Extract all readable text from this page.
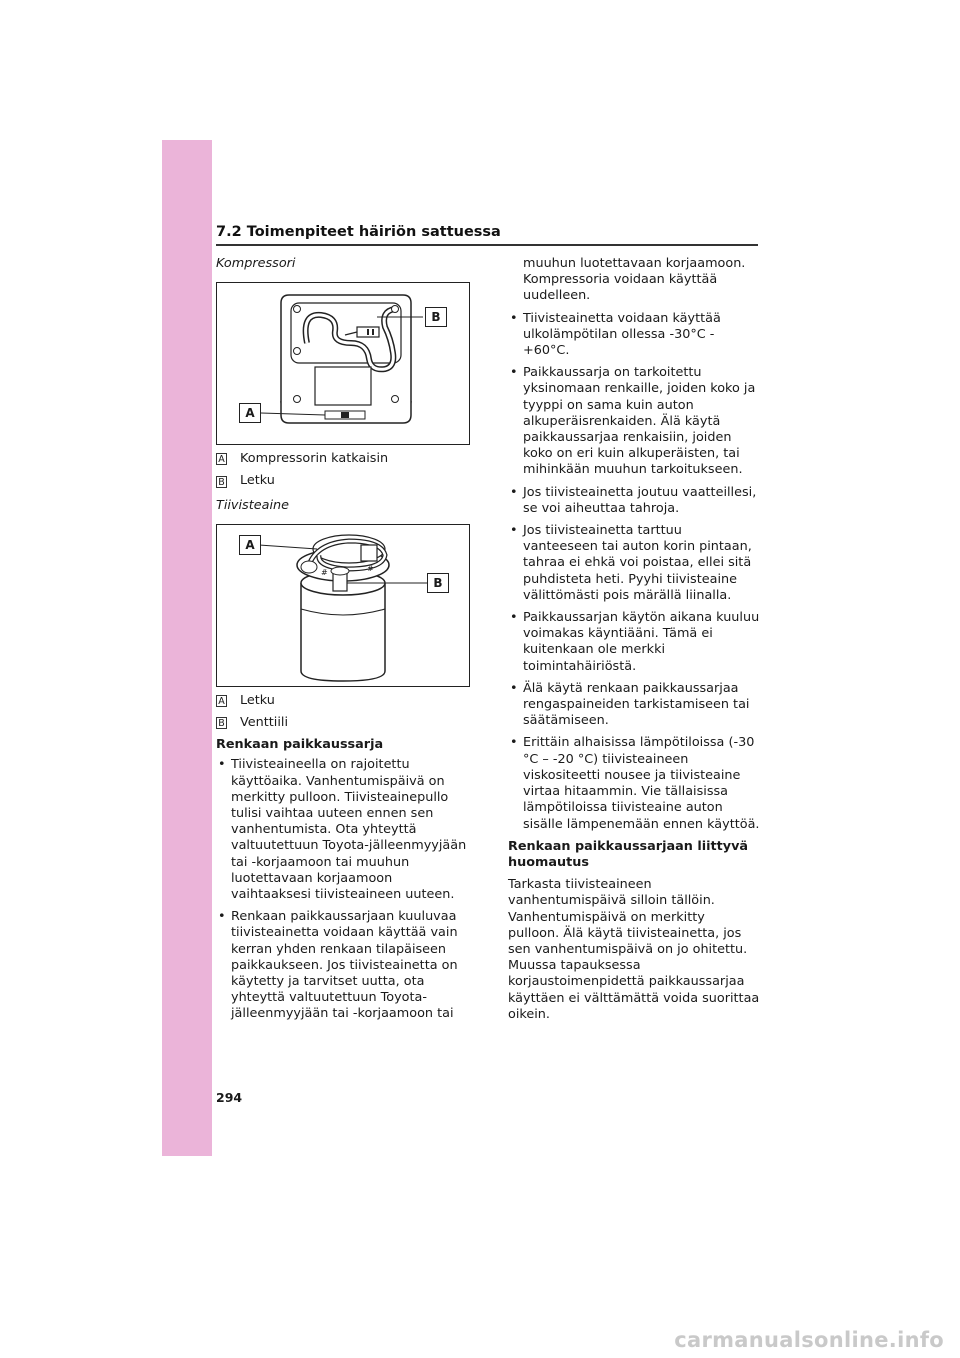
7.2 Toimenpiteet häiriön sattuessa
Kompressori
A
B
A Kompressorin katkaisin
B Letku
Tiivisteaine
#
#
A
B
A Letku
B Venttiili
Renkaan paikkaussarja
• Tiivisteaineella on rajoitettu käyttöaika. Vanhentumispäivä on merkitty pulloon. Tiivisteainepullo tulisi vaihtaa uuteen ennen sen vanhentumista. Ota yhteyttä valtuutettuun Toyota-jälleenmyyjään tai -korjaamoon tai muuhun luotettavaan korjaamoon vaihtaaksesi tiivisteaineen uuteen.
• Renkaan paikkaussarjaan kuuluvaa tiivisteainetta voidaan käyttää vain kerran yhden renkaan tilapäiseen paikkaukseen. Jos tiivisteainetta on käytetty ja tarvitset uutta, ota yhteyttä valtuutettuun Toyota-jälleenmyyjään tai -korjaamoon tai
muuhun luotettavaan korjaamoon. Kompressoria voidaan käyttää uudelleen.
• Tiivisteainetta voidaan käyttää ulkolämpötilan ollessa -30°C - +60°C.
• Paikkaussarja on tarkoitettu yksinomaan renkaille, joiden koko ja tyyppi on sama kuin auton alkuperäisrenkaiden. Älä käytä paikkaussarjaa renkaisiin, joiden koko on eri kuin alkuperäisten, tai mihinkään muuhun tarkoitukseen.
• Jos tiivisteainetta joutuu vaatteillesi, se voi aiheuttaa tahroja.
• Jos tiivisteainetta tarttuu vanteeseen tai auton korin pintaan, tahraa ei ehkä voi poistaa, ellei sitä puhdisteta heti. Pyyhi tiivisteaine välittömästi pois märällä liinalla.
• Paikkaussarjan käytön aikana kuuluu voimakas käyntiääni. Tämä ei kuitenkaan ole merkki toimintahäiriöstä.
• Älä käytä renkaan paikkaussarjaa rengaspaineiden tarkistamiseen tai säätämiseen.
• Erittäin alhaisissa lämpötiloissa (-30 °C – -20 °C) tiivisteaineen viskositeetti nousee ja tiivisteaine virtaa hitaammin. Vie tällaisissa lämpötiloissa tiivisteaine auton sisälle lämpenemään ennen käyttöä.
Renkaan paikkaussarjaan liittyvä huomautus
Tarkasta tiivisteaineen vanhentumispäivä silloin tällöin. Vanhentumispäivä on merkitty pulloon. Älä käytä tiivisteainetta, jos sen vanhentumispäivä on jo ohitettu. Muussa tapauksessa korjaustoimenpidettä paikkaussarjaa käyttäen ei välttämättä voida suorittaa oikein.
294
carmanualsonline.info
